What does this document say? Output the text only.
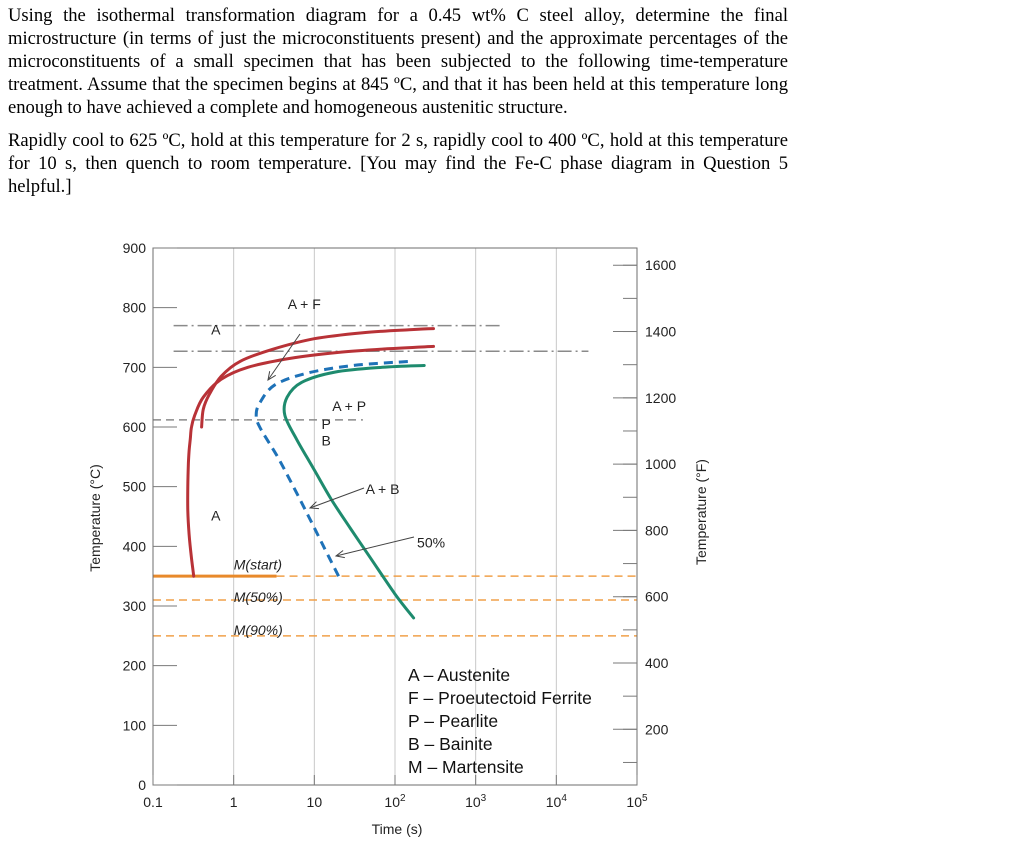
Using the isothermal transformation diagram for a 0.45 wt% C steel alloy, determine the final microstructure (in terms of just the microconstituents present) and the approximate percentages of the microconstituents of a small specimen that has been subjected to the following time-temperature treatment. Assume that the specimen begins at 845 ºC, and that it has been held at this temperature long enough to have achieved a complete and homogeneous austenitic structure.

Rapidly cool to 625 ºC, hold at this temperature for 2 s, rapidly cool to 400 ºC, hold at this temperature for 10 s, then quench to room temperature. [You may find the Fe-C phase diagram in Question 5 helpful.]

0
100
200
300
400
500
600
700
800
900
200
400
600
800
1000
1200
1400
1600
0.1	1	10	$10^2$	$10^3$	$10^4$	$10^5$
A
A + F
A + P
P
B
A + B
A
50%
M(start)
M(50%)
M(90%)
A – Austenite
F – Proeutectoid Ferrite
P – Pearlite
B – Bainite
M – Martensite
Time (s)
Temperature (°C)	Temperature (°F)
